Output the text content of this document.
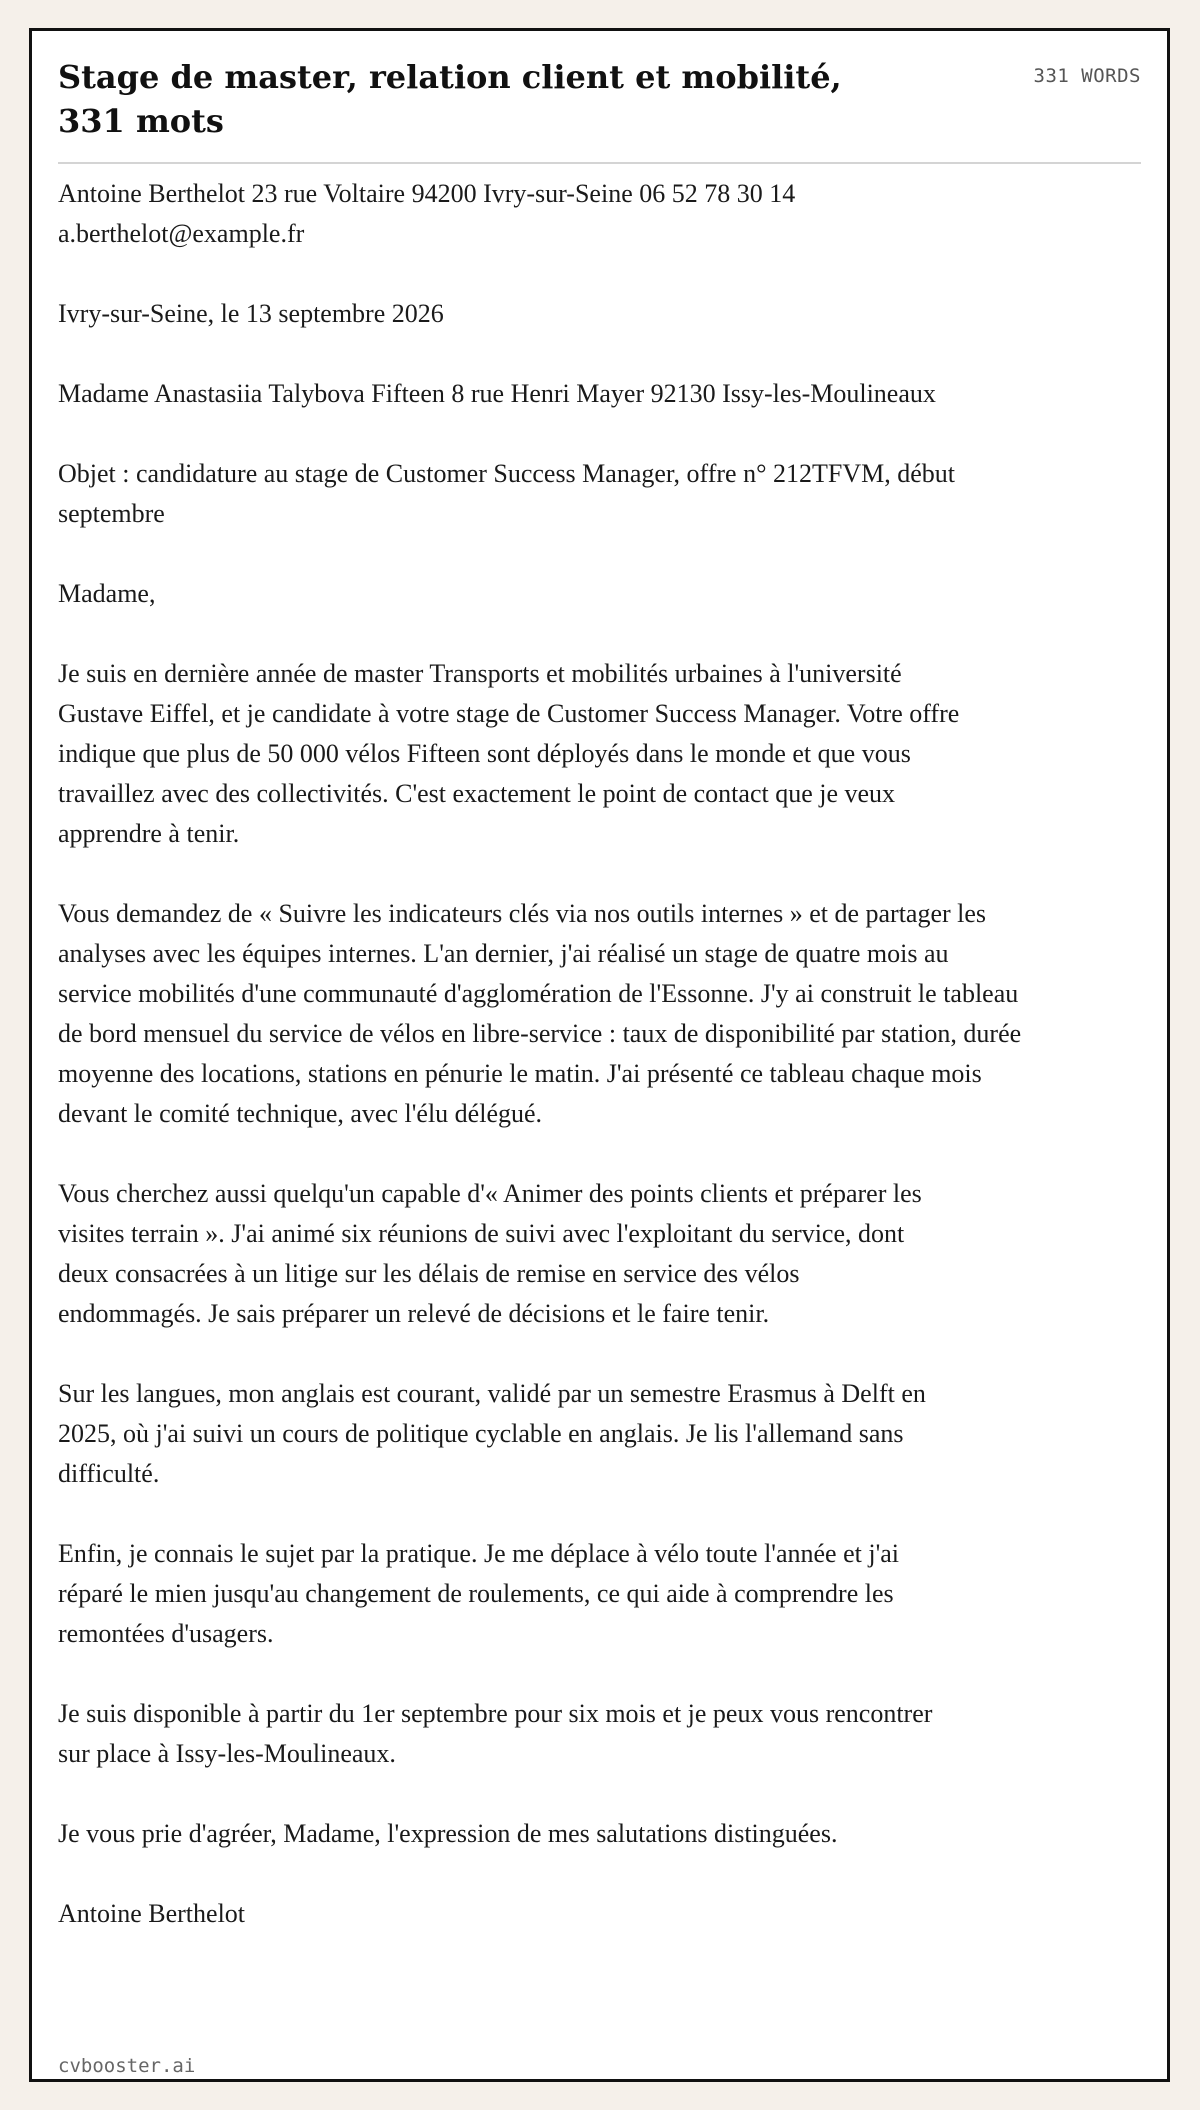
Stage de master, relation client et mobilité, 331 mots
331 WORDS

Antoine Berthelot 23 rue Voltaire 94200 Ivry-sur-Seine 06 52 78 30 14 a.berthelot@example.fr

Ivry-sur-Seine, le 13 septembre 2026

Madame Anastasiia Talybova Fifteen 8 rue Henri Mayer 92130 Issy-les-Moulineaux

Objet : candidature au stage de Customer Success Manager, offre n° 212TFVM, début septembre

Madame,

Je suis en dernière année de master Transports et mobilités urbaines à l'université Gustave Eiffel, et je candidate à votre stage de Customer Success Manager. Votre offre indique que plus de 50 000 vélos Fifteen sont déployés dans le monde et que vous travaillez avec des collectivités. C'est exactement le point de contact que je veux apprendre à tenir.

Vous demandez de « Suivre les indicateurs clés via nos outils internes » et de partager les analyses avec les équipes internes. L'an dernier, j'ai réalisé un stage de quatre mois au service mobilités d'une communauté d'agglomération de l'Essonne. J'y ai construit le tableau de bord mensuel du service de vélos en libre-service : taux de disponibilité par station, durée moyenne des locations, stations en pénurie le matin. J'ai présenté ce tableau chaque mois devant le comité technique, avec l'élu délégué.

Vous cherchez aussi quelqu'un capable d'« Animer des points clients et préparer les visites terrain ». J'ai animé six réunions de suivi avec l'exploitant du service, dont deux consacrées à un litige sur les délais de remise en service des vélos endommagés. Je sais préparer un relevé de décisions et le faire tenir.

Sur les langues, mon anglais est courant, validé par un semestre Erasmus à Delft en 2025, où j'ai suivi un cours de politique cyclable en anglais. Je lis l'allemand sans difficulté.

Enfin, je connais le sujet par la pratique. Je me déplace à vélo toute l'année et j'ai réparé le mien jusqu'au changement de roulements, ce qui aide à comprendre les remontées d'usagers.

Je suis disponible à partir du 1er septembre pour six mois et je peux vous rencontrer sur place à Issy-les-Moulineaux.

Je vous prie d'agréer, Madame, l'expression de mes salutations distinguées.

Antoine Berthelot

cvbooster.ai
